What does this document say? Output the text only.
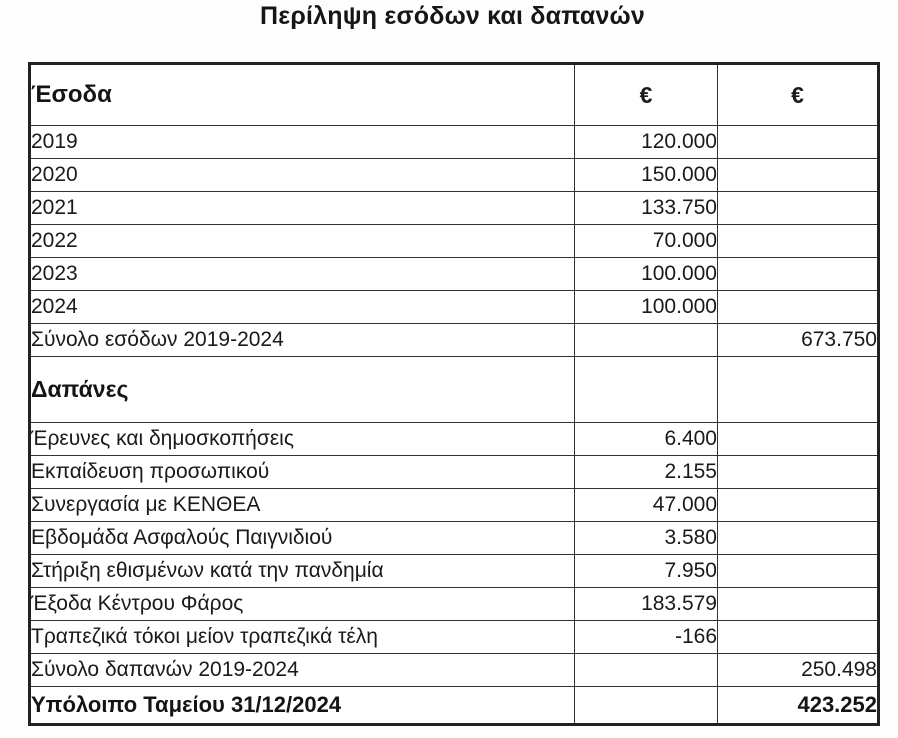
Περίληψη εσόδων και δαπανών
Έσοδα	€	€
2019	120.000	
2020	150.000	
2021	133.750	
2022	70.000	
2023	100.000	
2024	100.000	
Σύνολο εσόδων 2019-2024		673.750
Δαπάνες		
Έρευνες και δημοσκοπήσεις	6.400	
Εκπαίδευση προσωπικού	2.155	
Συνεργασία με ΚΕΝΘΕΑ	47.000	
Εβδομάδα Ασφαλούς Παιγνιδιού	3.580	
Στήριξη εθισμένων κατά την πανδημία	7.950	
Έξοδα Κέντρου Φάρος	183.579	
Τραπεζικά τόκοι μείον τραπεζικά τέλη	-166	
Σύνολο δαπανών 2019-2024		250.498
Υπόλοιπο Ταμείου 31/12/2024		423.252
